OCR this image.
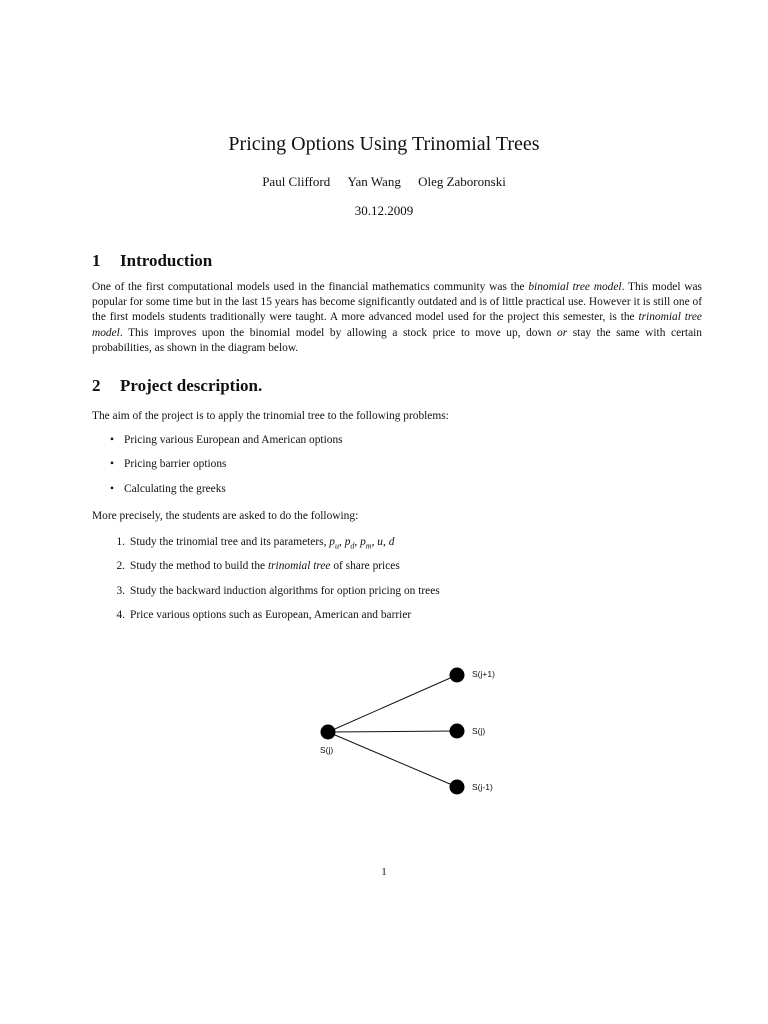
Pricing Options Using Trinomial Trees
Paul Clifford Yan Wang Oleg Zaboronski
30.12.2009
1 Introduction
One of the first computational models used in the financial mathematics community was the binomial tree model. This model was popular for some time but in the last 15 years has become significantly outdated and is of little practical use. However it is still one of the first models students traditionally were taught. A more advanced model used for the project this semester, is the trinomial tree model. This improves upon the binomial model by allowing a stock price to move up, down or stay the same with certain probabilities, as shown in the diagram below.
2 Project description.
The aim of the project is to apply the trinomial tree to the following problems:
• Pricing various European and American options
• Pricing barrier options
• Calculating the greeks
More precisely, the students are asked to do the following:
1. Study the trinomial tree and its parameters, $p_u$, $p_d$, $p_m$, u, d
2. Study the method to build the trinomial tree of share prices
3. Study the backward induction algorithms for option pricing on trees
4. Price various options such as European, American and barrier
S(j)
S(j+1)
S(j)
S(j-1)
1
